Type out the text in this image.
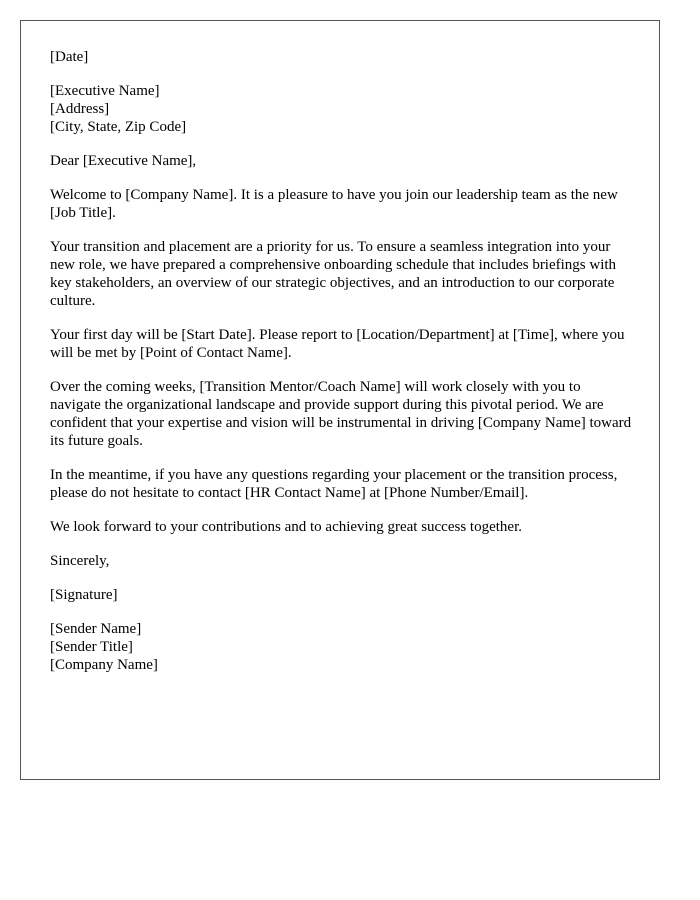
[Date]

[Executive Name]
[Address]
[City, State, Zip Code]

Dear [Executive Name],

Welcome to [Company Name]. It is a pleasure to have you join our leadership team as the new [Job Title].

Your transition and placement are a priority for us. To ensure a seamless integration into your new role, we have prepared a comprehensive onboarding schedule that includes briefings with key stakeholders, an overview of our strategic objectives, and an introduction to our corporate culture.

Your first day will be [Start Date]. Please report to [Location/Department] at [Time], where you will be met by [Point of Contact Name].

Over the coming weeks, [Transition Mentor/Coach Name] will work closely with you to navigate the organizational landscape and provide support during this pivotal period. We are confident that your expertise and vision will be instrumental in driving [Company Name] toward its future goals.

In the meantime, if you have any questions regarding your placement or the transition process, please do not hesitate to contact [HR Contact Name] at [Phone Number/Email].

We look forward to your contributions and to achieving great success together.

Sincerely,

[Signature]

[Sender Name]
[Sender Title]
[Company Name]
